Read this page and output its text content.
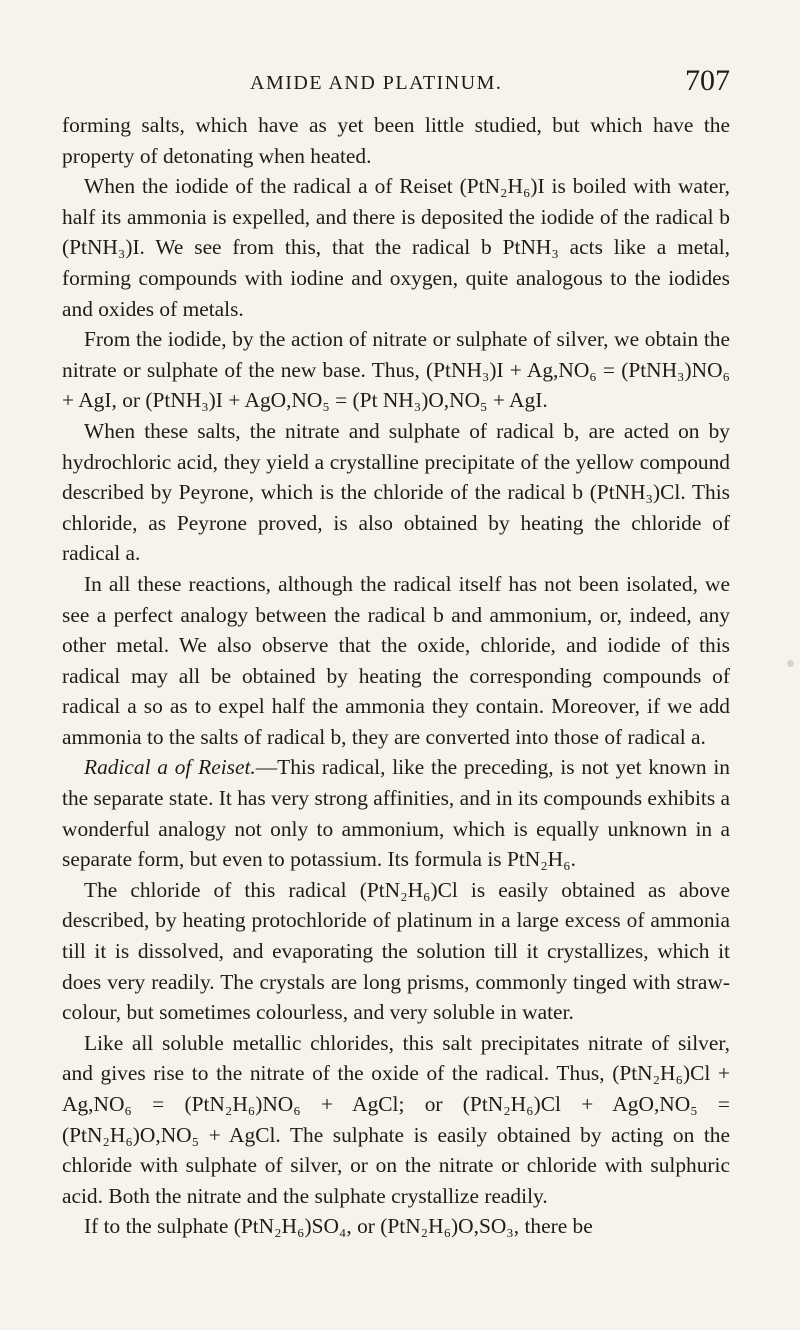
AMIDE AND PLATINUM.	707

forming salts, which have as yet been little studied, but which have the property of detonating when heated.

When the iodide of the radical a of Reiset (PtN₂H₆)I is boiled with water, half its ammonia is expelled, and there is deposited the iodide of the radical b (PtNH₃)I. We see from this, that the radical b PtNH₃ acts like a metal, forming compounds with iodine and oxygen, quite analogous to the iodides and oxides of metals.

From the iodide, by the action of nitrate or sulphate of silver, we obtain the nitrate or sulphate of the new base. Thus, (PtNH₃)I + Ag,NO₆ = (PtNH₃)NO₆ + AgI, or (PtNH₃)I + AgO,NO₅ = (Pt NH₃)O,NO₅ + AgI.

When these salts, the nitrate and sulphate of radical b, are acted on by hydrochloric acid, they yield a crystalline precipitate of the yellow compound described by Peyrone, which is the chloride of the radical b (PtNH₃)Cl. This chloride, as Peyrone proved, is also obtained by heating the chloride of radical a.

In all these reactions, although the radical itself has not been isolated, we see a perfect analogy between the radical b and ammonium, or, indeed, any other metal. We also observe that the oxide, chloride, and iodide of this radical may all be obtained by heating the corresponding compounds of radical a so as to expel half the ammonia they contain. Moreover, if we add ammonia to the salts of radical b, they are converted into those of radical a.

Radical a of Reiset.—This radical, like the preceding, is not yet known in the separate state. It has very strong affinities, and in its compounds exhibits a wonderful analogy not only to ammonium, which is equally unknown in a separate form, but even to potassium. Its formula is PtN₂H₆.

The chloride of this radical (PtN₂H₆)Cl is easily obtained as above described, by heating protochloride of platinum in a large excess of ammonia till it is dissolved, and evaporating the solution till it crystallizes, which it does very readily. The crystals are long prisms, commonly tinged with straw-colour, but sometimes colourless, and very soluble in water.

Like all soluble metallic chlorides, this salt precipitates nitrate of silver, and gives rise to the nitrate of the oxide of the radical. Thus, (PtN₂H₆)Cl + Ag,NO₆ = (PtN₂H₆)NO₆ + AgCl; or (PtN₂H₆)Cl + AgO,NO₅ = (PtN₂H₆)O,NO₅ + AgCl. The sulphate is easily obtained by acting on the chloride with sulphate of silver, or on the nitrate or chloride with sulphuric acid. Both the nitrate and the sulphate crystallize readily.

If to the sulphate (PtN₂H₆)SO₄, or (PtN₂H₆)O,SO₃, there be
